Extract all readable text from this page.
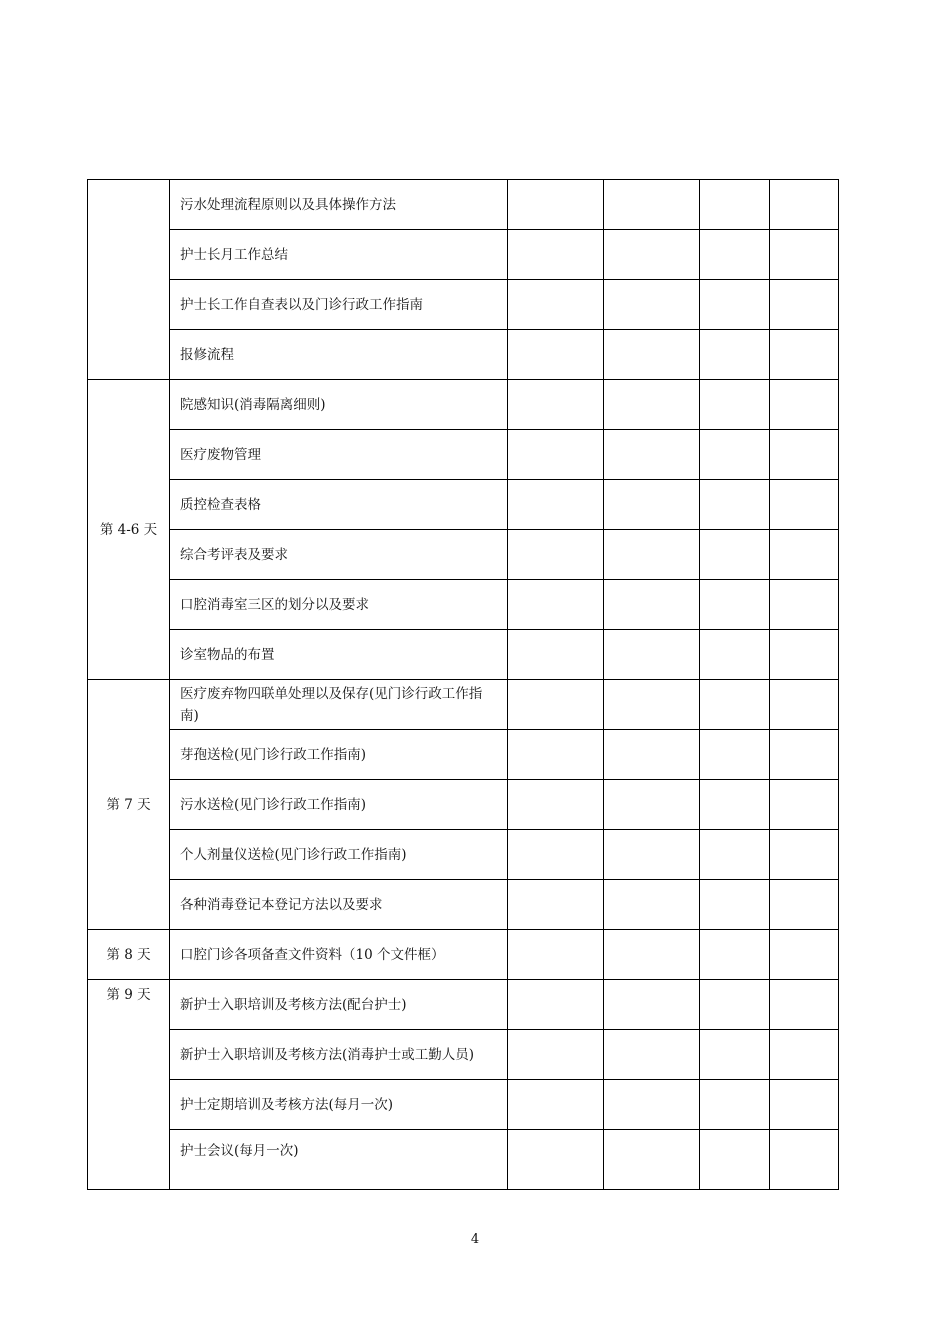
	污水处理流程原则以及具体操作方法				
	护士长月工作总结				
	护士长工作自查表以及门诊行政工作指南				
	报修流程				
第 4-6 天	院感知识(消毒隔离细则)				
	医疗废物管理				
	质控检查表格				
	综合考评表及要求				
	口腔消毒室三区的划分以及要求				
	诊室物品的布置				
第 7 天	医疗废弃物四联单处理以及保存(见门诊行政工作指南)				
	芽孢送检(见门诊行政工作指南)				
	污水送检(见门诊行政工作指南)				
	个人剂量仪送检(见门诊行政工作指南)				
	各种消毒登记本登记方法以及要求				
第 8 天	口腔门诊各项备查文件资料（10 个文件框）				
第 9 天	新护士入职培训及考核方法(配台护士)				
	新护士入职培训及考核方法(消毒护士或工勤人员)				
	护士定期培训及考核方法(每月一次)				
	护士会议(每月一次)				
4
